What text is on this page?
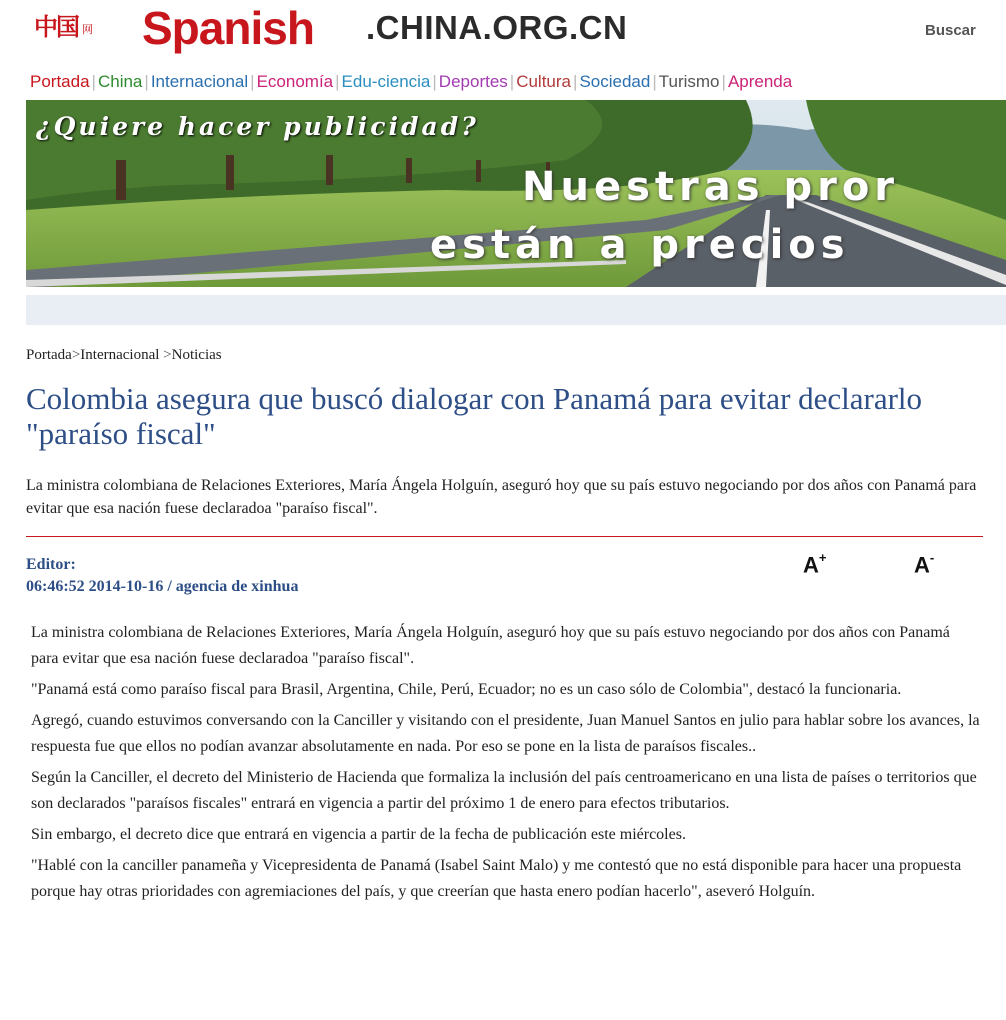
中国 网 Spanish .CHINA.ORG.CN	Buscar
Portada | China | Internacional | Economía | Edu-ciencia | Deportes | Cultura | Sociedad | Turismo | Aprenda
¿Quiere hacer publicidad?
Nuestras pror
están a precios
Portada>Internacional >Noticias
Colombia asegura que buscó dialogar con Panamá para evitar declararlo "paraíso fiscal"
La ministra colombiana de Relaciones Exteriores, María Ángela Holguín, aseguró hoy que su país estuvo negociando por dos años con Panamá para evitar que esa nación fuese declaradoa "paraíso fiscal".
Editor:
06:46:52 2014-10-16 / agencia de xinhua
A+	A-

La ministra colombiana de Relaciones Exteriores, María Ángela Holguín, aseguró hoy que su país estuvo negociando por dos años con Panamá para evitar que esa nación fuese declaradoa "paraíso fiscal".

"Panamá está como paraíso fiscal para Brasil, Argentina, Chile, Perú, Ecuador; no es un caso sólo de Colombia", destacó la funcionaria.

Agregó, cuando estuvimos conversando con la Canciller y visitando con el presidente, Juan Manuel Santos en julio para hablar sobre los avances, la respuesta fue que ellos no podían avanzar absolutamente en nada. Por eso se pone en la lista de paraísos fiscales..

Según la Canciller, el decreto del Ministerio de Hacienda que formaliza la inclusión del país centroamericano en una lista de países o territorios que son declarados "paraísos fiscales" entrará en vigencia a partir del próximo 1 de enero para efectos tributarios.

Sin embargo, el decreto dice que entrará en vigencia a partir de la fecha de publicación este miércoles.

"Hablé con la canciller panameña y Vicepresidenta de Panamá (Isabel Saint Malo) y me contestó que no está disponible para hacer una propuesta porque hay otras prioridades con agremiaciones del país, y que creerían que hasta enero podían hacerlo", aseveró Holguín.
